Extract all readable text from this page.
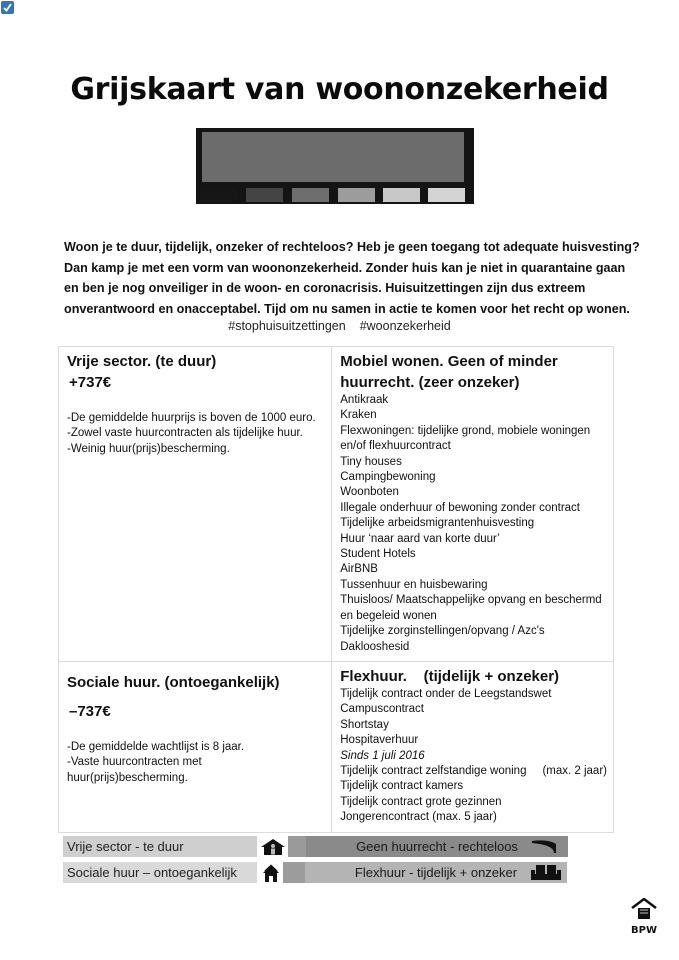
Grijskaart van woononzekerheid
Woon je te duur, tijdelijk, onzeker of rechteloos? Heb je geen toegang tot adequate huisvesting?
Dan kamp je met een vorm van woononzekerheid. Zonder huis kan je niet in quarantaine gaan
en ben je nog onveiliger in de woon- en coronacrisis. Huisuitzettingen zijn dus extreem
onverantwoord en onacceptabel. Tijd om nu samen in actie te komen voor het recht op wonen.
#stophuisuitzettingen #woonzekerheid
Vrije sector. (te duur)
+737€
-De gemiddelde huurprijs is boven de 1000 euro.
-Zowel vaste huurcontracten als tijdelijke huur.
-Weinig huur(prijs)bescherming.

Mobiel wonen. Geen of minder
huurrecht. (zeer onzeker)
Antikraak
Kraken
Flexwoningen: tijdelijke grond, mobiele woningen
en/of flexhuurcontract
Tiny houses
Campingbewoning
Woonboten
Illegale onderhuur of bewoning zonder contract
Tijdelijke arbeidsmigrantenhuisvesting
Huur ‘naar aard van korte duur’
Student Hotels
AirBNB
Tussenhuur en huisbewaring
Thuisloos/ Maatschappelijke opvang en beschermd
en begeleid wonen
Tijdelijke zorginstellingen/opvang / Azc's
Daklooshesid

Sociale huur. (ontoegankelijk)
–737€
-De gemiddelde wachtlijst is 8 jaar.
-Vaste huurcontracten met huur(prijs)bescherming.

Flexhuur.    (tijdelijk + onzeker)
Tijdelijk contract onder de Leegstandswet
Campuscontract
Shortstay
Hospitaverhuur
Sinds 1 juli 2016
Tijdelijk contract zelfstandige woning     (max. 2 jaar)
Tijdelijk contract kamers
Tijdelijk contract grote gezinnen
Jongerencontract (max. 5 jaar)
Vrije sector - te duur	Geen huurrecht - rechteloos
Sociale huur – ontoegankelijk	Flexhuur - tijdelijk + onzeker
BPW
